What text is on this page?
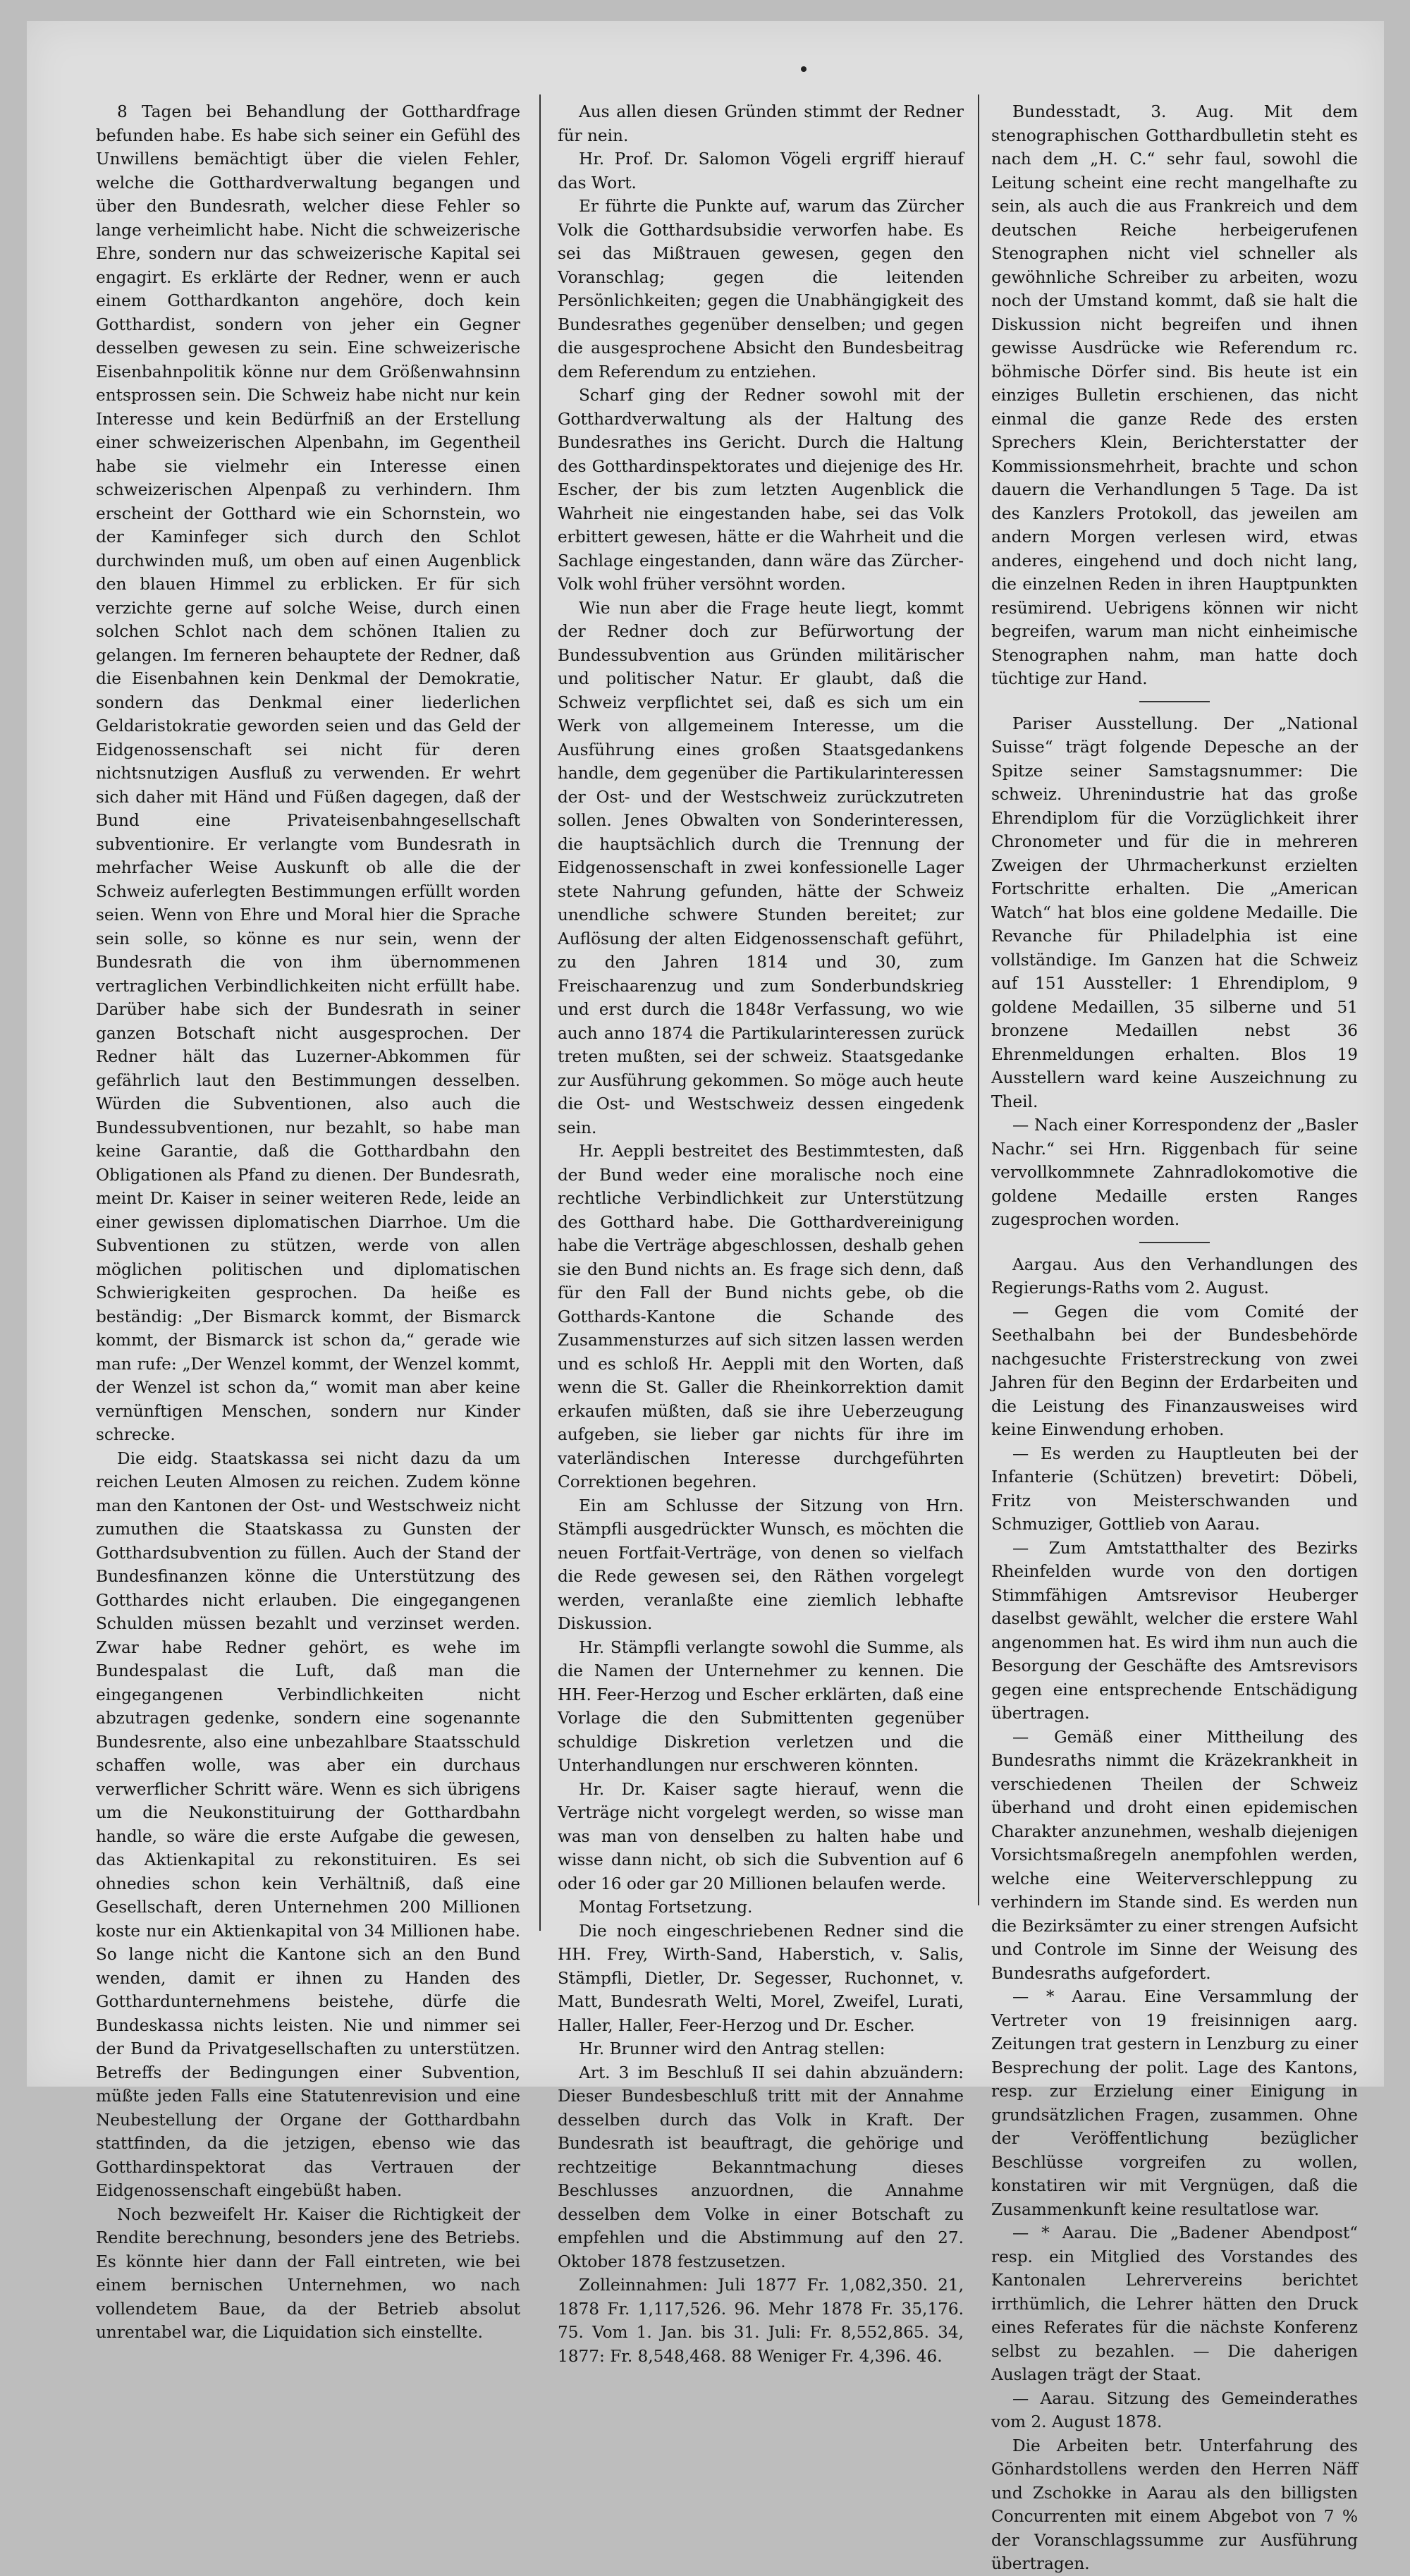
8 Tagen bei Behandlung der Gotthardfrage befunden habe. Es habe sich seiner ein Gefühl des Unwillens bemächtigt über die vielen Fehler, welche die Gotthardverwaltung begangen und über den Bundesrath, welcher diese Fehler so lange verheimlicht habe. Nicht die schweizerische Ehre, sondern nur das schweizerische Kapital sei engagirt. Es erklärte der Redner, wenn er auch einem Gotthardkanton angehöre, doch kein Gotthardist, sondern von jeher ein Gegner desselben gewesen zu sein. Eine schweizerische Eisenbahnpolitik könne nur dem Größenwahnsinn entsprossen sein. Die Schweiz habe nicht nur kein Interesse und kein Bedürfniß an der Erstellung einer schweizerischen Alpenbahn, im Gegentheil habe sie vielmehr ein Interesse einen schweizerischen Alpenpaß zu verhindern. Ihm erscheint der Gotthard wie ein Schornstein, wo der Kaminfeger sich durch den Schlot durchwinden muß, um oben auf einen Augenblick den blauen Himmel zu erblicken. Er für sich verzichte gerne auf solche Weise, durch einen solchen Schlot nach dem schönen Italien zu gelangen. Im ferneren behauptete der Redner, daß die Eisenbahnen kein Denkmal der Demokratie, sondern das Denkmal einer liederlichen Geldaristokratie geworden seien und das Geld der Eidgenossenschaft sei nicht für deren nichtsnutzigen Ausfluß zu verwenden. Er wehrt sich daher mit Händ und Füßen dagegen, daß der Bund eine Privateisenbahngesellschaft subventionire. Er verlangte vom Bundesrath in mehrfacher Weise Auskunft ob alle die der Schweiz auferlegten Bestimmungen erfüllt worden seien. Wenn von Ehre und Moral hier die Sprache sein solle, so könne es nur sein, wenn der Bundesrath die von ihm übernommenen vertraglichen Verbindlichkeiten nicht erfüllt habe. Darüber habe sich der Bundesrath in seiner ganzen Botschaft nicht ausgesprochen. Der Redner hält das Luzerner-Abkommen für gefährlich laut den Bestimmungen desselben. Würden die Subventionen, also auch die Bundessubventionen, nur bezahlt, so habe man keine Garantie, daß die Gotthardbahn den Obligationen als Pfand zu dienen. Der Bundesrath, meint Dr. Kaiser in seiner weiteren Rede, leide an einer gewissen diplomatischen Diarrhoe. Um die Subventionen zu stützen, werde von allen möglichen politischen und diplomatischen Schwierigkeiten gesprochen. Da heiße es beständig: „Der Bismarck kommt, der Bismarck kommt, der Bismarck ist schon da,“ gerade wie man rufe: „Der Wenzel kommt, der Wenzel kommt, der Wenzel ist schon da,“ womit man aber keine vernünftigen Menschen, sondern nur Kinder schrecke.

Die eidg. Staatskassa sei nicht dazu da um reichen Leuten Almosen zu reichen. Zudem könne man den Kantonen der Ost- und Westschweiz nicht zumuthen die Staatskassa zu Gunsten der Gotthardsubvention zu füllen. Auch der Stand der Bundesfinanzen könne die Unterstützung des Gotthardes nicht erlauben. Die eingegangenen Schulden müssen bezahlt und verzinset werden. Zwar habe Redner gehört, es wehe im Bundespalast die Luft, daß man die eingegangenen Verbindlichkeiten nicht abzutragen gedenke, sondern eine sogenannte Bundesrente, also eine unbezahlbare Staatsschuld schaffen wolle, was aber ein durchaus verwerflicher Schritt wäre. Wenn es sich übrigens um die Neukonstituirung der Gotthardbahn handle, so wäre die erste Aufgabe die gewesen, das Aktienkapital zu rekonstituiren. Es sei ohnedies schon kein Verhältniß, daß eine Gesellschaft, deren Unternehmen 200 Millionen koste nur ein Aktienkapital von 34 Millionen habe. So lange nicht die Kantone sich an den Bund wenden, damit er ihnen zu Handen des Gotthardunternehmens beistehe, dürfe die Bundeskassa nichts leisten. Nie und nimmer sei der Bund da Privatgesellschaften zu unterstützen. Betreffs der Bedingungen einer Subvention, müßte jeden Falls eine Statutenrevision und eine Neubestellung der Organe der Gotthardbahn stattfinden, da die jetzigen, ebenso wie das Gotthardinspektorat das Vertrauen der Eidgenossenschaft eingebüßt haben.

Noch bezweifelt Hr. Kaiser die Richtigkeit der Rendite berechnung, besonders jene des Betriebs. Es könnte hier dann der Fall eintreten, wie bei einem bernischen Unternehmen, wo nach vollendetem Baue, da der Betrieb absolut unrentabel war, die Liquidation sich einstellte.

Aus allen diesen Gründen stimmt der Redner für nein.

Hr. Prof. Dr. Salomon Vögeli ergriff hierauf das Wort.

Er führte die Punkte auf, warum das Zürcher Volk die Gotthardsubsidie verworfen habe. Es sei das Mißtrauen gewesen, gegen den Voranschlag; gegen die leitenden Persönlichkeiten; gegen die Unabhängigkeit des Bundesrathes gegenüber denselben; und gegen die ausgesprochene Absicht den Bundesbeitrag dem Referendum zu entziehen.

Scharf ging der Redner sowohl mit der Gotthardverwaltung als der Haltung des Bundesrathes ins Gericht. Durch die Haltung des Gotthardinspektorates und diejenige des Hr. Escher, der bis zum letzten Augenblick die Wahrheit nie eingestanden habe, sei das Volk erbittert gewesen, hätte er die Wahrheit und die Sachlage eingestanden, dann wäre das Zürcher-Volk wohl früher versöhnt worden.

Wie nun aber die Frage heute liegt, kommt der Redner doch zur Befürwortung der Bundessubvention aus Gründen militärischer und politischer Natur. Er glaubt, daß die Schweiz verpflichtet sei, daß es sich um ein Werk von allgemeinem Interesse, um die Ausführung eines großen Staatsgedankens handle, dem gegenüber die Partikularinteressen der Ost- und der Westschweiz zurückzutreten sollen. Jenes Obwalten von Sonderinteressen, die hauptsächlich durch die Trennung der Eidgenossenschaft in zwei konfessionelle Lager stete Nahrung gefunden, hätte der Schweiz unendliche schwere Stunden bereitet; zur Auflösung der alten Eidgenossenschaft geführt, zu den Jahren 1814 und 30, zum Freischaarenzug und zum Sonderbundskrieg und erst durch die 1848r Verfassung, wo wie auch anno 1874 die Partikularinteressen zurück treten mußten, sei der schweiz. Staatsgedanke zur Ausführung gekommen. So möge auch heute die Ost- und Westschweiz dessen eingedenk sein.

Hr. Aeppli bestreitet des Bestimmtesten, daß der Bund weder eine moralische noch eine rechtliche Verbindlichkeit zur Unterstützung des Gotthard habe. Die Gotthardvereinigung habe die Verträge abgeschlossen, deshalb gehen sie den Bund nichts an. Es frage sich denn, daß für den Fall der Bund nichts gebe, ob die Gotthards-Kantone die Schande des Zusammensturzes auf sich sitzen lassen werden und es schloß Hr. Aeppli mit den Worten, daß wenn die St. Galler die Rheinkorrektion damit erkaufen müßten, daß sie ihre Ueberzeugung aufgeben, sie lieber gar nichts für ihre im vaterländischen Interesse durchgeführten Correktionen begehren.

Ein am Schlusse der Sitzung von Hrn. Stämpfli ausgedrückter Wunsch, es möchten die neuen Fortfait-Verträge, von denen so vielfach die Rede gewesen sei, den Räthen vorgelegt werden, veranlaßte eine ziemlich lebhafte Diskussion.

Hr. Stämpfli verlangte sowohl die Summe, als die Namen der Unternehmer zu kennen. Die HH. Feer-Herzog und Escher erklärten, daß eine Vorlage die den Submittenten gegenüber schuldige Diskretion verletzen und die Unterhandlungen nur erschweren könnten.

Hr. Dr. Kaiser sagte hierauf, wenn die Verträge nicht vorgelegt werden, so wisse man was man von denselben zu halten habe und wisse dann nicht, ob sich die Subvention auf 6 oder 16 oder gar 20 Millionen belaufen werde.

Montag Fortsetzung.

Die noch eingeschriebenen Redner sind die HH. Frey, Wirth-Sand, Haberstich, v. Salis, Stämpfli, Dietler, Dr. Segesser, Ruchonnet, v. Matt, Bundesrath Welti, Morel, Zweifel, Lurati, Haller, Haller, Feer-Herzog und Dr. Escher.

Hr. Brunner wird den Antrag stellen:

Art. 3 im Beschluß II sei dahin abzuändern: Dieser Bundesbeschluß tritt mit der Annahme desselben durch das Volk in Kraft. Der Bundesrath ist beauftragt, die gehörige und rechtzeitige Bekanntmachung dieses Beschlusses anzuordnen, die Annahme desselben dem Volke in einer Botschaft zu empfehlen und die Abstimmung auf den 27. Oktober 1878 festzusetzen.

Zolleinnahmen: Juli 1877 Fr. 1,082,350. 21, 1878 Fr. 1,117,526. 96. Mehr 1878 Fr. 35,176. 75. Vom 1. Jan. bis 31. Juli: Fr. 8,552,865. 34, 1877: Fr. 8,548,468. 88 Weniger Fr. 4,396. 46.

Bundesstadt, 3. Aug. Mit dem stenographischen Gotthardbulletin steht es nach dem „H. C.“ sehr faul, sowohl die Leitung scheint eine recht mangelhafte zu sein, als auch die aus Frankreich und dem deutschen Reiche herbeigerufenen Stenographen nicht viel schneller als gewöhnliche Schreiber zu arbeiten, wozu noch der Umstand kommt, daß sie halt die Diskussion nicht begreifen und ihnen gewisse Ausdrücke wie Referendum rc. böhmische Dörfer sind. Bis heute ist ein einziges Bulletin erschienen, das nicht einmal die ganze Rede des ersten Sprechers Klein, Berichterstatter der Kommissionsmehrheit, brachte und schon dauern die Verhandlungen 5 Tage. Da ist des Kanzlers Protokoll, das jeweilen am andern Morgen verlesen wird, etwas anderes, eingehend und doch nicht lang, die einzelnen Reden in ihren Hauptpunkten resümirend. Uebrigens können wir nicht begreifen, warum man nicht einheimische Stenographen nahm, man hatte doch tüchtige zur Hand.

Pariser Ausstellung. Der „National Suisse“ trägt folgende Depesche an der Spitze seiner Samstagsnummer: Die schweiz. Uhrenindustrie hat das große Ehrendiplom für die Vorzüglichkeit ihrer Chronometer und für die in mehreren Zweigen der Uhrmacherkunst erzielten Fortschritte erhalten. Die „American Watch“ hat blos eine goldene Medaille. Die Revanche für Philadelphia ist eine vollständige. Im Ganzen hat die Schweiz auf 151 Aussteller: 1 Ehrendiplom, 9 goldene Medaillen, 35 silberne und 51 bronzene Medaillen nebst 36 Ehrenmeldungen erhalten. Blos 19 Ausstellern ward keine Auszeichnung zu Theil.

— Nach einer Korrespondenz der „Basler Nachr.“ sei Hrn. Riggenbach für seine vervollkommnete Zahnradlokomotive die goldene Medaille ersten Ranges zugesprochen worden.

Aargau. Aus den Verhandlungen des Regierungs-Raths vom 2. August.

— Gegen die vom Comité der Seethalbahn bei der Bundesbehörde nachgesuchte Fristerstreckung von zwei Jahren für den Beginn der Erdarbeiten und die Leistung des Finanzausweises wird keine Einwendung erhoben.

— Es werden zu Hauptleuten bei der Infanterie (Schützen) brevetirt: Döbeli, Fritz von Meisterschwanden und Schmuziger, Gottlieb von Aarau.

— Zum Amtstatthalter des Bezirks Rheinfelden wurde von den dortigen Stimmfähigen Amtsrevisor Heuberger daselbst gewählt, welcher die erstere Wahl angenommen hat. Es wird ihm nun auch die Besorgung der Geschäfte des Amtsrevisors gegen eine entsprechende Entschädigung übertragen.

— Gemäß einer Mittheilung des Bundesraths nimmt die Kräzekrankheit in verschiedenen Theilen der Schweiz überhand und droht einen epidemischen Charakter anzunehmen, weshalb diejenigen Vorsichtsmaßregeln anempfohlen werden, welche eine Weiterverschleppung zu verhindern im Stande sind. Es werden nun die Bezirksämter zu einer strengen Aufsicht und Controle im Sinne der Weisung des Bundesraths aufgefordert.

— * Aarau. Eine Versammlung der Vertreter von 19 freisinnigen aarg. Zeitungen trat gestern in Lenzburg zu einer Besprechung der polit. Lage des Kantons, resp. zur Erzielung einer Einigung in grundsätzlichen Fragen, zusammen. Ohne der Veröffentlichung bezüglicher Beschlüsse vorgreifen zu wollen, konstatiren wir mit Vergnügen, daß die Zusammenkunft keine resultatlose war.

— * Aarau. Die „Badener Abendpost“ resp. ein Mitglied des Vorstandes des Kantonalen Lehrervereins berichtet irrthümlich, die Lehrer hätten den Druck eines Referates für die nächste Konferenz selbst zu bezahlen. — Die daherigen Auslagen trägt der Staat.

— Aarau. Sitzung des Gemeinderathes vom 2. August 1878.

Die Arbeiten betr. Unterfahrung des Gönhardstollens werden den Herren Näff und Zschokke in Aarau als den billigsten Concurrenten mit einem Abgebot von 7 % der Voranschlagssumme zur Ausführung übertragen.
